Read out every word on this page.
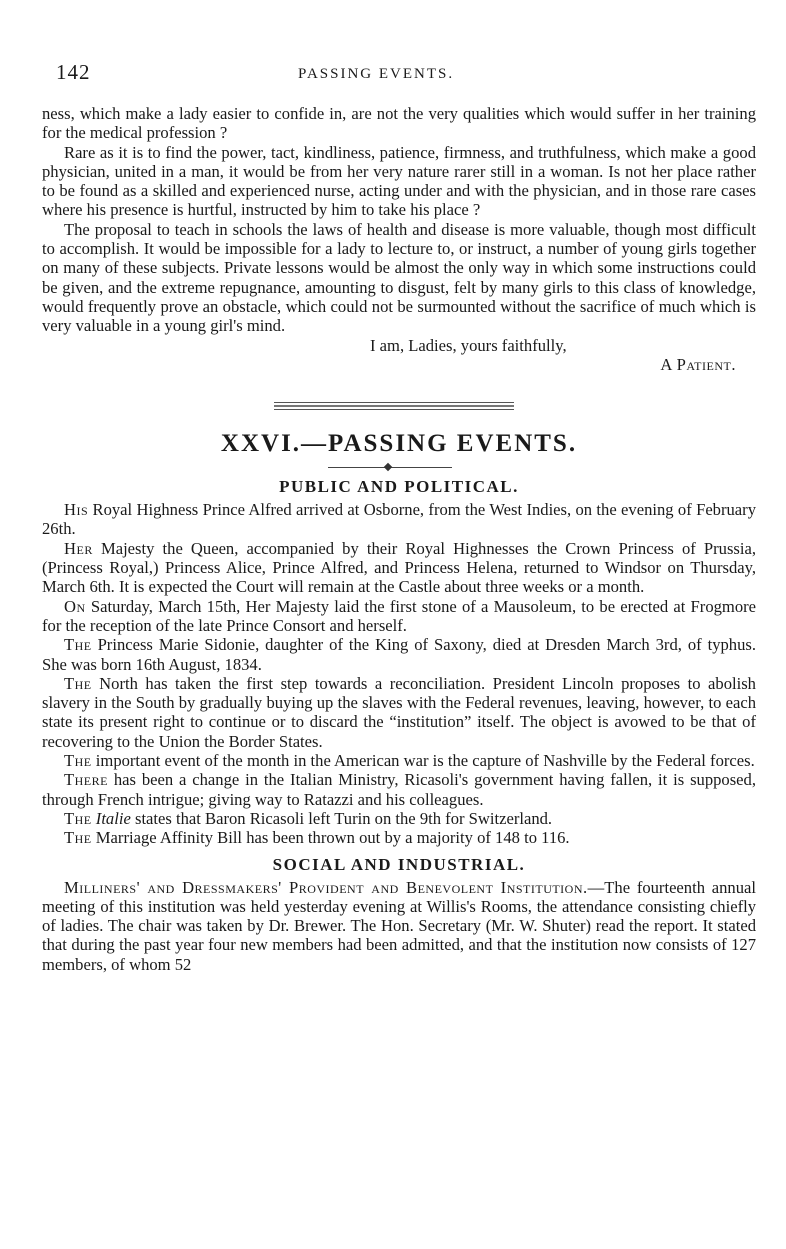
142	PASSING EVENTS.

ness, which make a lady easier to confide in, are not the very qualities which would suffer in her training for the medical profession ?

Rare as it is to find the power, tact, kindliness, patience, firmness, and truthfulness, which make a good physician, united in a man, it would be from her very nature rarer still in a woman. Is not her place rather to be found as a skilled and experienced nurse, acting under and with the physician, and in those rare cases where his presence is hurtful, instructed by him to take his place ?

The proposal to teach in schools the laws of health and disease is more valuable, though most difficult to accomplish. It would be impossible for a lady to lecture to, or instruct, a number of young girls together on many of these subjects. Private lessons would be almost the only way in which some instructions could be given, and the extreme repugnance, amounting to disgust, felt by many girls to this class of knowledge, would frequently prove an obstacle, which could not be surmounted without the sacrifice of much which is very valuable in a young girl's mind.

I am, Ladies, yours faithfully,

A Patient.

XXVI.—PASSING EVENTS.
PUBLIC AND POLITICAL.

His Royal Highness Prince Alfred arrived at Osborne, from the West Indies, on the evening of February 26th.

Her Majesty the Queen, accompanied by their Royal Highnesses the Crown Princess of Prussia, (Princess Royal,) Princess Alice, Prince Alfred, and Princess Helena, returned to Windsor on Thursday, March 6th. It is expected the Court will remain at the Castle about three weeks or a month.

On Saturday, March 15th, Her Majesty laid the first stone of a Mausoleum, to be erected at Frogmore for the reception of the late Prince Consort and herself.

The Princess Marie Sidonie, daughter of the King of Saxony, died at Dresden March 3rd, of typhus. She was born 16th August, 1834.

The North has taken the first step towards a reconciliation. President Lincoln proposes to abolish slavery in the South by gradually buying up the slaves with the Federal revenues, leaving, however, to each state its present right to continue or to discard the “institution” itself. The object is avowed to be that of recovering to the Union the Border States.

The important event of the month in the American war is the capture of Nashville by the Federal forces.

There has been a change in the Italian Ministry, Ricasoli's government having fallen, it is supposed, through French intrigue; giving way to Ratazzi and his colleagues.

The Italie states that Baron Ricasoli left Turin on the 9th for Switzerland.

The Marriage Affinity Bill has been thrown out by a majority of 148 to 116.

SOCIAL AND INDUSTRIAL.

Milliners' and Dressmakers' Provident and Benevolent Institution.—The fourteenth annual meeting of this institution was held yesterday evening at Willis's Rooms, the attendance consisting chiefly of ladies. The chair was taken by Dr. Brewer. The Hon. Secretary (Mr. W. Shuter) read the report. It stated that during the past year four new members had been admitted, and that the institution now consists of 127 members, of whom 52
